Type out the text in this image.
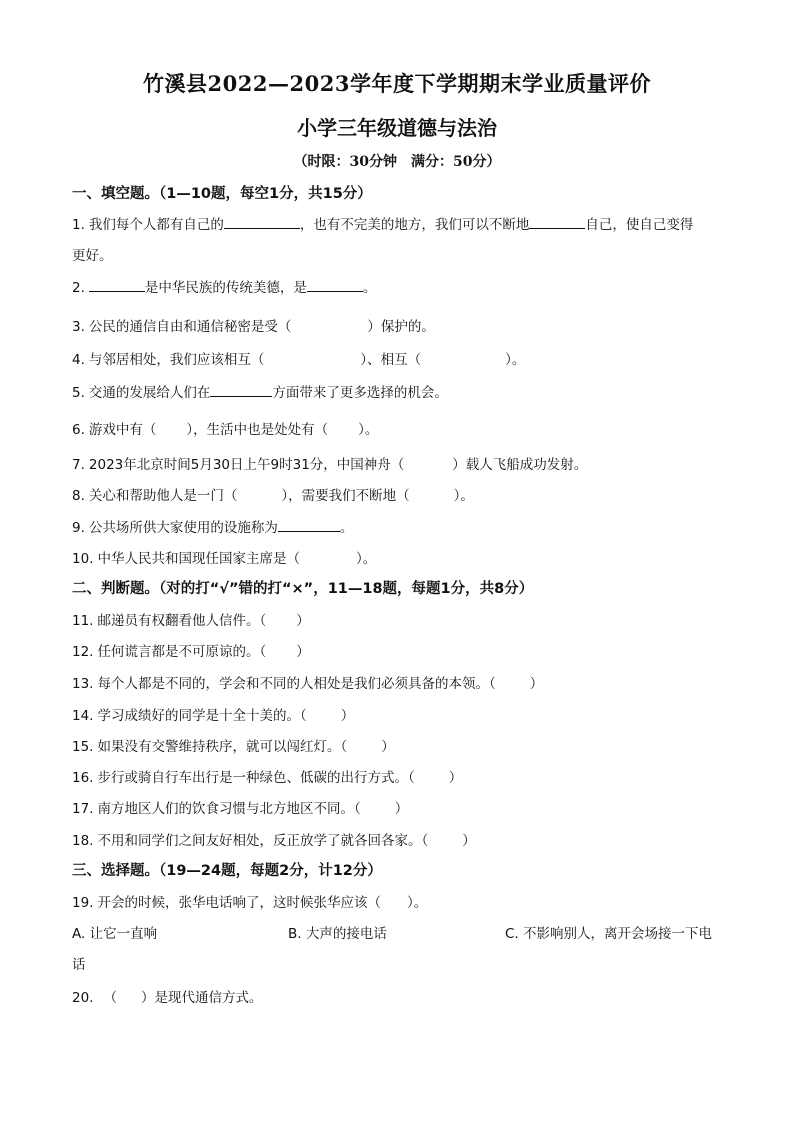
竹溪县2022—2023学年度下学期期末学业质量评价
小学三年级道德与法治
（时限：30分钟　满分：50分）
一、填空题。（1—10题，每空1分，共15分）
1. 我们每个人都有自己的	，也有不完美的地方，我们可以不断地	自己，使自己变得
更好。
2.	是中华民族的传统美德，是	。
3. 公民的通信自由和通信秘密是受（	）保护的。
4. 与邻居相处，我们应该相互（	）、相互（	）。
5. 交通的发展给人们在	方面带来了更多选择的机会。
6. 游戏中有（ ），生活中也是处处有（ ）。
7. 2023年北京时间5月30日上午9时31分，中国神舟（	）载人飞船成功发射。
8. 关心和帮助他人是一门（	），需要我们不断地（	）。
9. 公共场所供大家使用的设施称为	。
10. 中华人民共和国现任国家主席是（	）。
二、判断题。（对的打“√”错的打“×”，11—18题，每题1分，共8分）
11. 邮递员有权翻看他人信件。（ ）
12. 任何谎言都是不可原谅的。（ ）
13. 每个人都是不同的，学会和不同的人相处是我们必须具备的本领。（	）
14. 学习成绩好的同学是十全十美的。（	）
15. 如果没有交警维持秩序，就可以闯红灯。（	）
16. 步行或骑自行车出行是一种绿色、低碳的出行方式。（	）
17. 南方地区人们的饮食习惯与北方地区不同。（	）
18. 不用和同学们之间友好相处，反正放学了就各回各家。（	）
三、选择题。（19—24题，每题2分，计12分）
19. 开会的时候，张华电话响了，这时候张华应该（ ）。
A. 让它一直响	B. 大声的接电话	C. 不影响别人，离开会场接一下电
话
20. （ ）是现代通信方式。
